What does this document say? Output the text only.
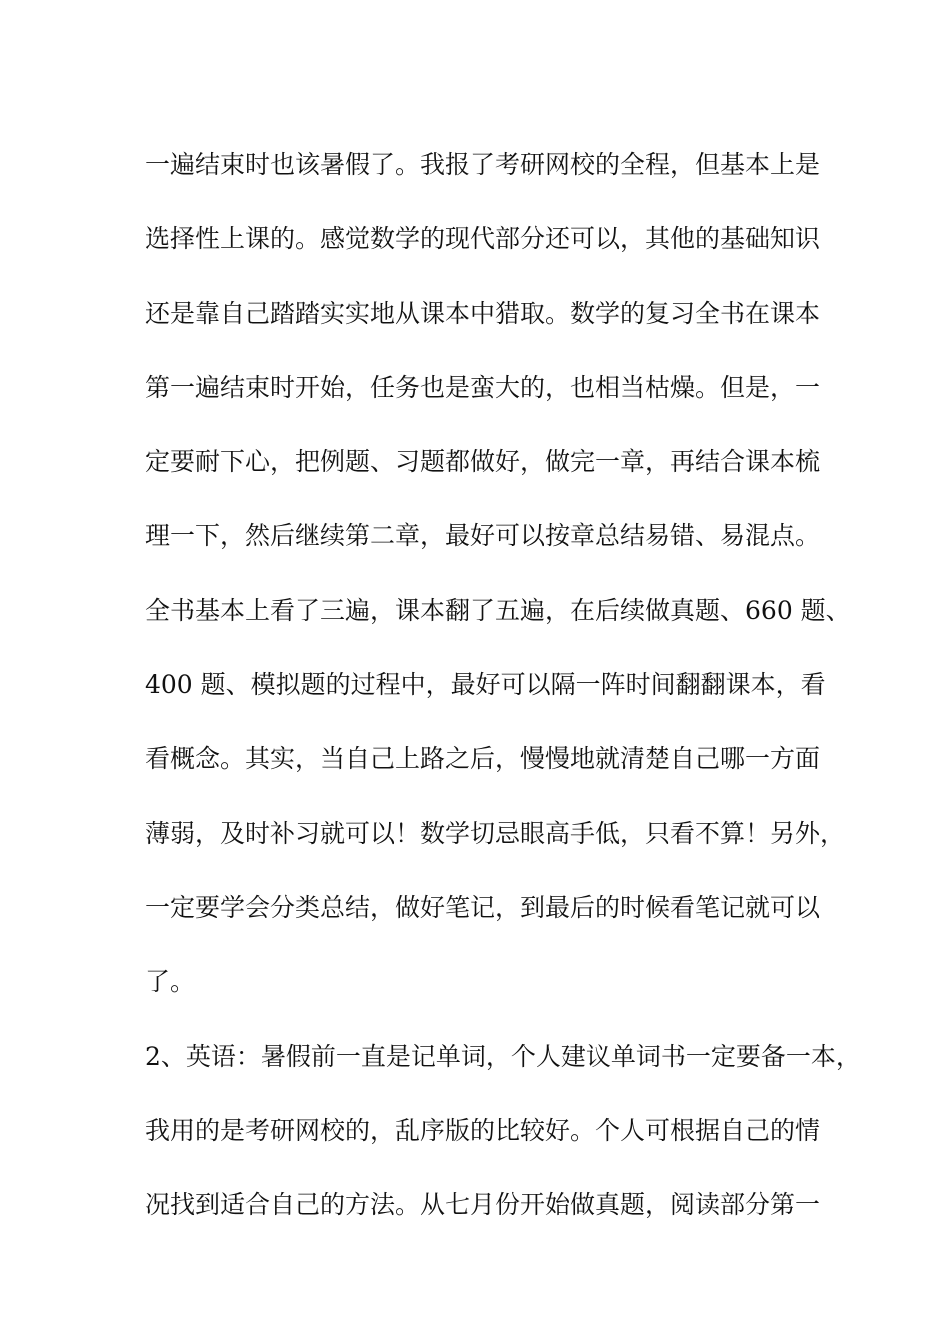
一遍结束时也该暑假了。我报了考研网校的全程，但基本上是
选择性上课的。感觉数学的现代部分还可以，其他的基础知识
还是靠自己踏踏实实地从课本中猎取。数学的复习全书在课本
第一遍结束时开始，任务也是蛮大的，也相当枯燥。但是，一
定要耐下心，把例题、习题都做好，做完一章，再结合课本梳
理一下，然后继续第二章，最好可以按章总结易错、易混点。
全书基本上看了三遍，课本翻了五遍，在后续做真题、660 题、
400 题、模拟题的过程中，最好可以隔一阵时间翻翻课本，看
看概念。其实，当自己上路之后，慢慢地就清楚自己哪一方面
薄弱，及时补习就可以！数学切忌眼高手低，只看不算！另外，
一定要学会分类总结，做好笔记，到最后的时候看笔记就可以
了。
2、英语：暑假前一直是记单词，个人建议单词书一定要备一本，
我用的是考研网校的，乱序版的比较好。个人可根据自己的情
况找到适合自己的方法。从七月份开始做真题，阅读部分第一
